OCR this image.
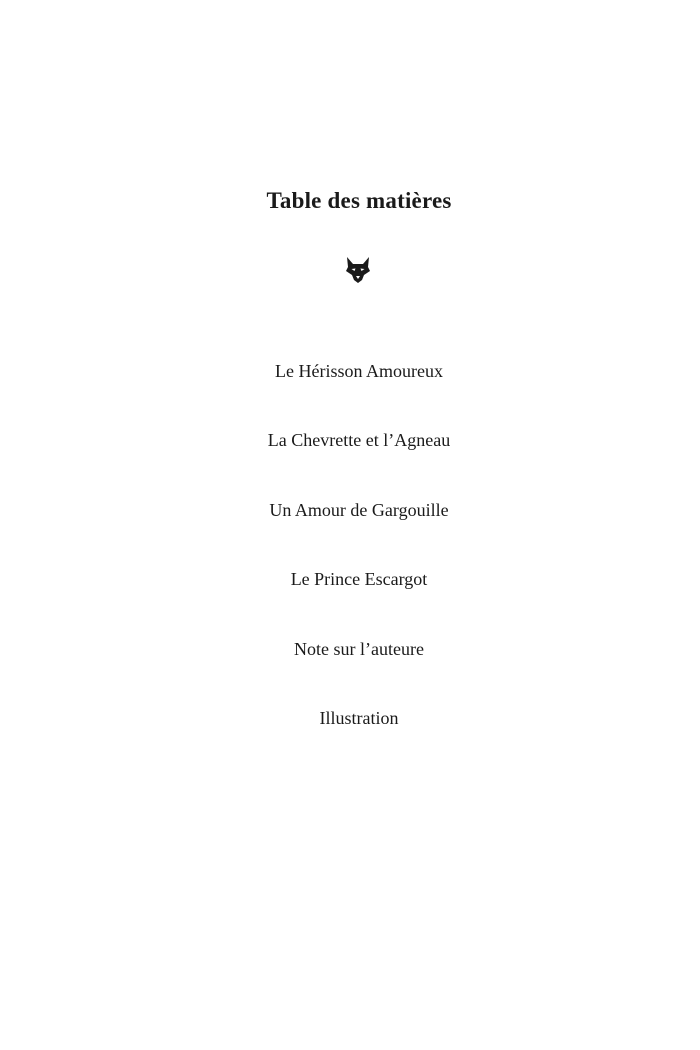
Table des matières
Le Hérisson Amoureux
La Chevrette et l’Agneau
Un Amour de Gargouille
Le Prince Escargot
Note sur l’auteure
Illustration
